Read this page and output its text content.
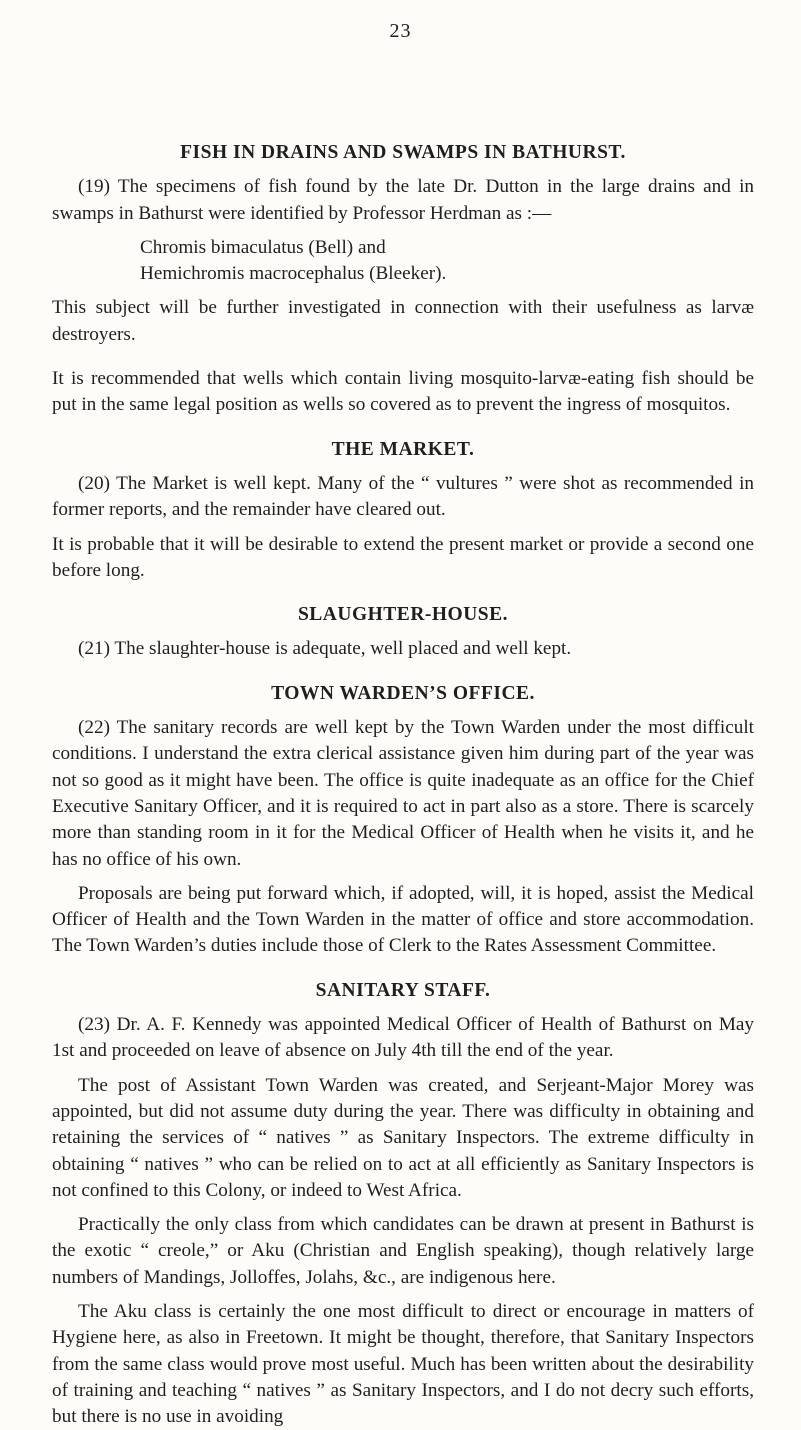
23
FISH IN DRAINS AND SWAMPS IN BATHURST.

(19) The specimens of fish found by the late Dr. Dutton in the large drains and in swamps in Bathurst were identified by Professor Herdman as :—

Chromis bimaculatus (Bell) and

Hemichromis macrocephalus (Bleeker).

This subject will be further investigated in connection with their usefulness as larvæ destroyers.

It is recommended that wells which contain living mosquito-larvæ-eating fish should be put in the same legal position as wells so covered as to prevent the ingress of mosquitos.

THE MARKET.

(20) The Market is well kept. Many of the “ vultures ” were shot as recommended in former reports, and the remainder have cleared out.

It is probable that it will be desirable to extend the present market or provide a second one before long.

SLAUGHTER-HOUSE.

(21) The slaughter-house is adequate, well placed and well kept.

TOWN WARDEN’S OFFICE.

(22) The sanitary records are well kept by the Town Warden under the most difficult conditions. I understand the extra clerical assistance given him during part of the year was not so good as it might have been. The office is quite inadequate as an office for the Chief Executive Sanitary Officer, and it is required to act in part also as a store. There is scarcely more than standing room in it for the Medical Officer of Health when he visits it, and he has no office of his own.

Proposals are being put forward which, if adopted, will, it is hoped, assist the Medical Officer of Health and the Town Warden in the matter of office and store accommodation. The Town Warden’s duties include those of Clerk to the Rates Assessment Committee.

SANITARY STAFF.

(23) Dr. A. F. Kennedy was appointed Medical Officer of Health of Bathurst on May 1st and proceeded on leave of absence on July 4th till the end of the year.

The post of Assistant Town Warden was created, and Serjeant-Major Morey was appointed, but did not assume duty during the year. There was difficulty in obtaining and retaining the services of “ natives ” as Sanitary Inspectors. The extreme difficulty in obtaining “ natives ” who can be relied on to act at all efficiently as Sanitary Inspectors is not confined to this Colony, or indeed to West Africa.

Practically the only class from which candidates can be drawn at present in Bathurst is the exotic “ creole,” or Aku (Christian and English speaking), though relatively large numbers of Mandings, Jolloffes, Jolahs, &c., are indigenous here.

The Aku class is certainly the one most difficult to direct or encourage in matters of Hygiene here, as also in Freetown. It might be thought, therefore, that Sanitary Inspectors from the same class would prove most useful. Much has been written about the desirability of training and teaching “ natives ” as Sanitary Inspectors, and I do not decry such efforts, but there is no use in avoiding
